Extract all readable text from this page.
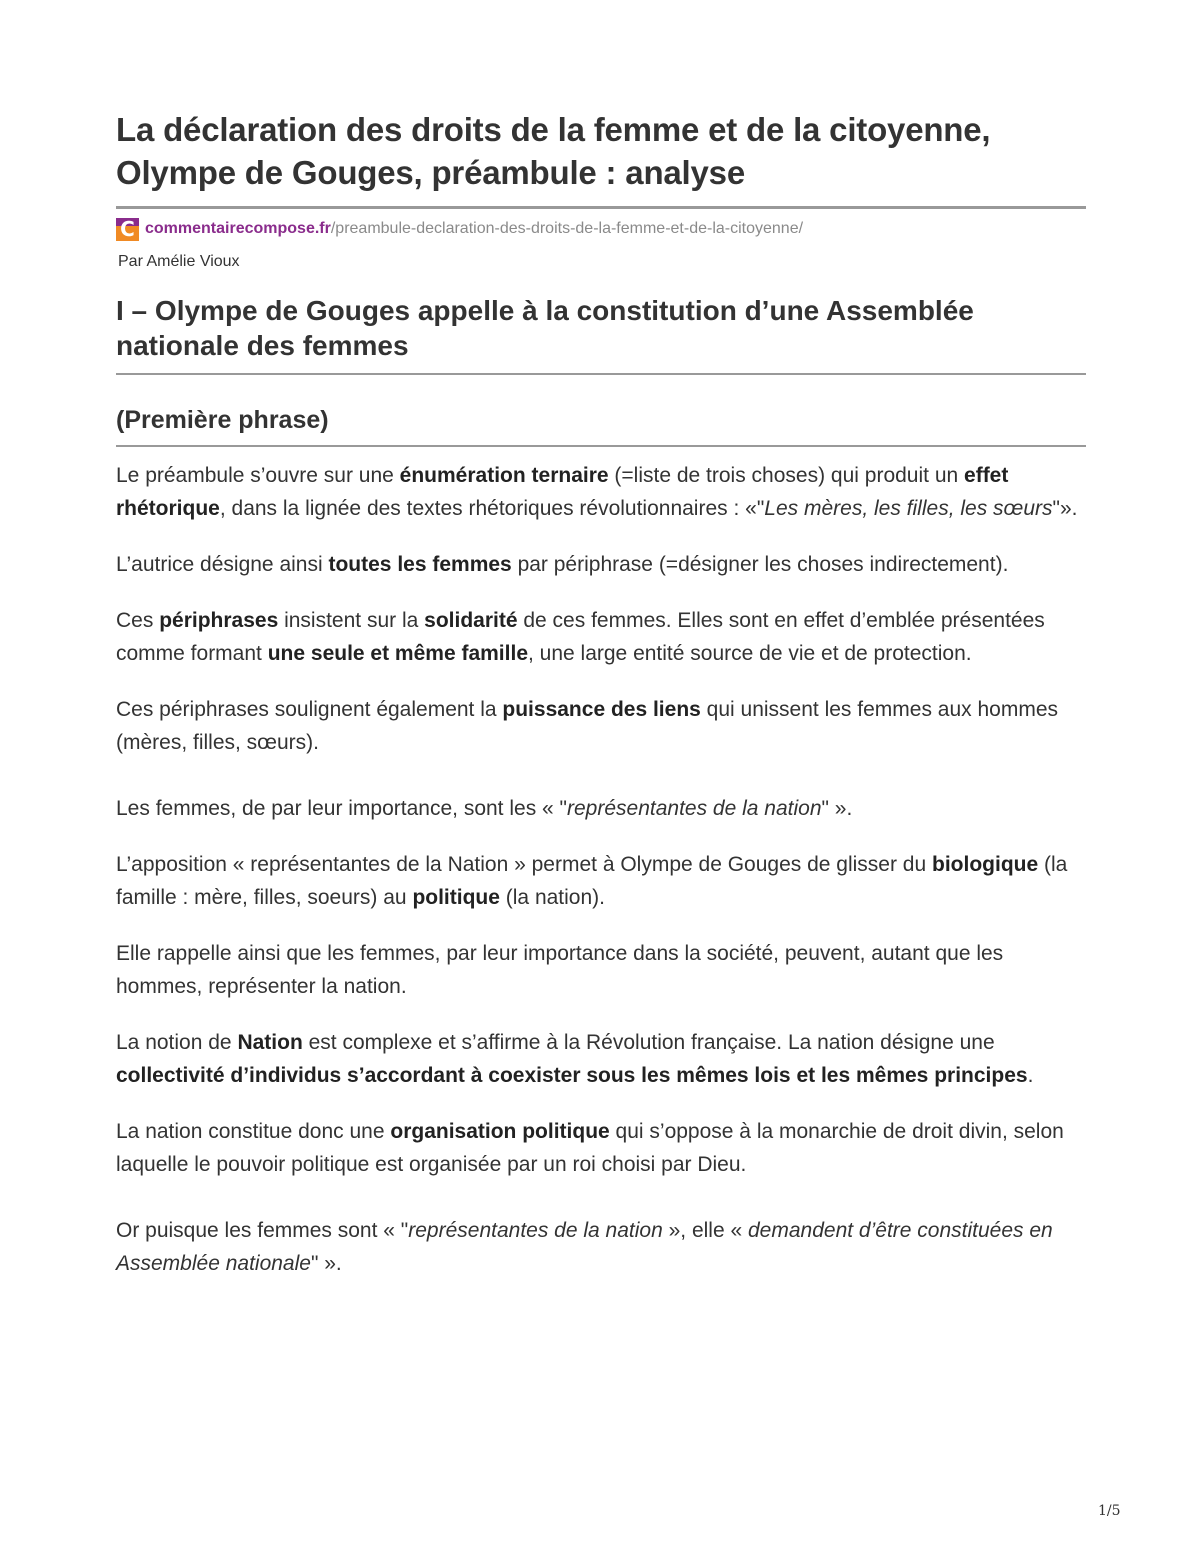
La déclaration des droits de la femme et de la citoyenne,
Olympe de Gouges, préambule : analyse
C commentairecompose.fr /preambule-declaration-des-droits-de-la-femme-et-de-la-citoyenne/
Par Amélie Vioux
I – Olympe de Gouges appelle à la constitution d’une Assemblée nationale des femmes
(Première phrase)

Le préambule s’ouvre sur une énumération ternaire (=liste de trois choses) qui produit un effet rhétorique, dans la lignée des textes rhétoriques révolutionnaires : «"Les mères, les filles, les sœurs"».

L’autrice désigne ainsi toutes les femmes par périphrase (=désigner les choses indirectement).

Ces périphrases insistent sur la solidarité de ces femmes. Elles sont en effet d’emblée présentées comme formant une seule et même famille, une large entité source de vie et de protection.

Ces périphrases soulignent également la puissance des liens qui unissent les femmes aux hommes (mères, filles, sœurs).

Les femmes, de par leur importance, sont les « "représentantes de la nation" ».

L’apposition « représentantes de la Nation » permet à Olympe de Gouges de glisser du biologique (la famille : mère, filles, soeurs) au politique (la nation).

Elle rappelle ainsi que les femmes, par leur importance dans la société, peuvent, autant que les hommes, représenter la nation.

La notion de Nation est complexe et s’affirme à la Révolution française. La nation désigne une collectivité d’individus s’accordant à coexister sous les mêmes lois et les mêmes principes.

La nation constitue donc une organisation politique qui s’oppose à la monarchie de droit divin, selon laquelle le pouvoir politique est organisée par un roi choisi par Dieu.

Or puisque les femmes sont « "représentantes de la nation », elle « demandent d’être constituées en Assemblée nationale" ».

1/5
